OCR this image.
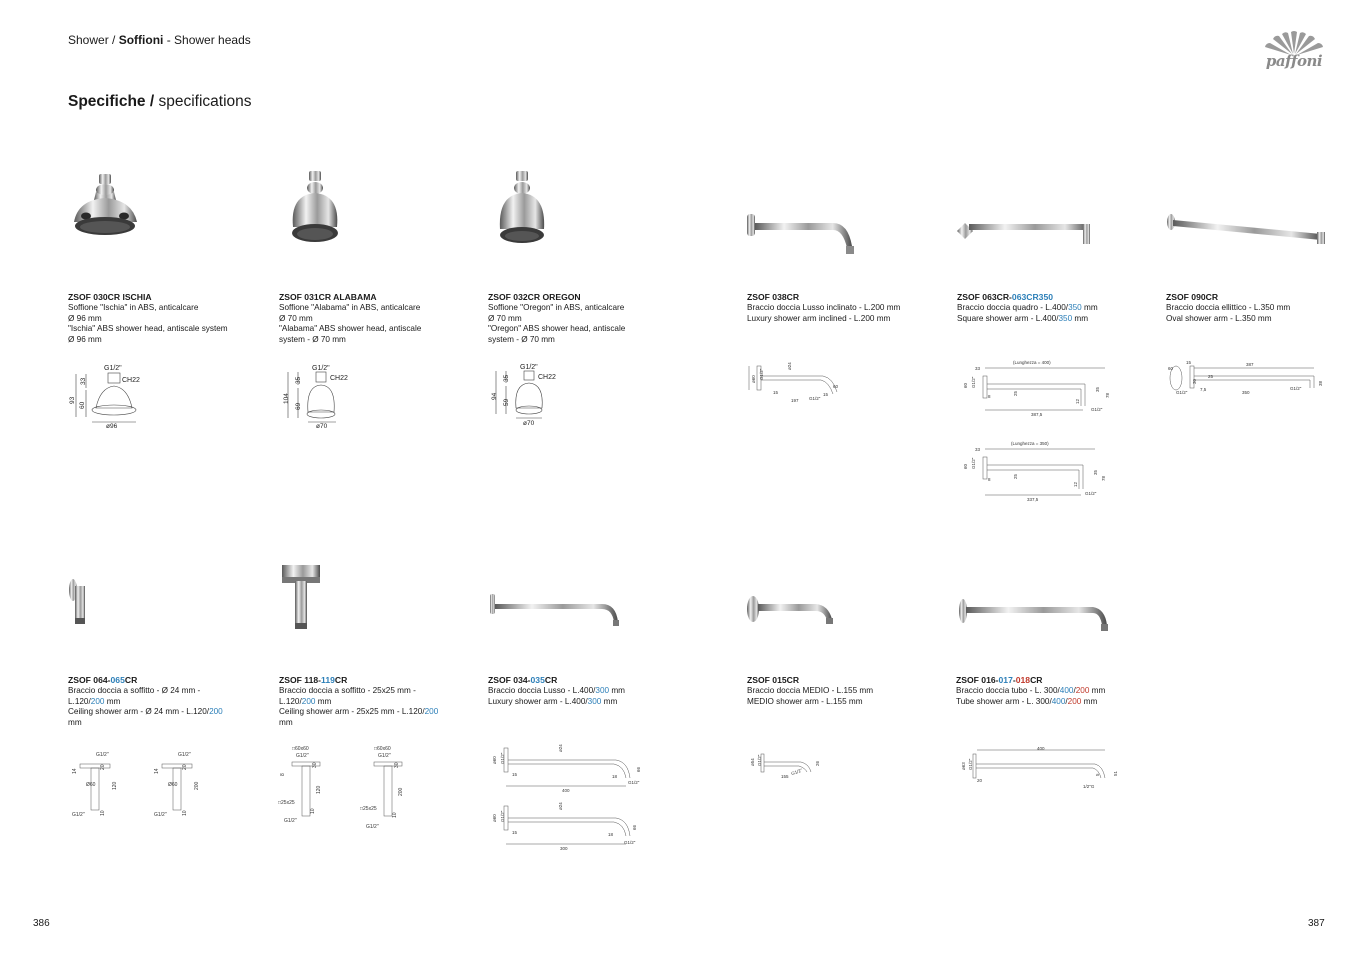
Shower / Soffioni - Shower heads
Specifiche / specifications
paffoni
386	387
ZSOF 030CR ISCHIA
Soffione "Ischia" in ABS, anticalcare
Ø 96 mm
"Ischia" ABS shower head, antiscale system
Ø 96 mm
ZSOF 031CR ALABAMA
Soffione "Alabama" in ABS, anticalcare
Ø 70 mm
"Alabama" ABS shower head, antiscale
system - Ø 70 mm
ZSOF 032CR OREGON
Soffione "Oregon" in ABS, anticalcare
Ø 70 mm
"Oregon" ABS shower head, antiscale
system - Ø 70 mm
ZSOF 038CR
Braccio doccia Lusso inclinato - L.200 mm
Luxury shower arm inclined - L.200 mm
ZSOF 063CR-063CR350
Braccio doccia quadro - L.400/350 mm
Square shower arm - L.400/350 mm
ZSOF 090CR
Braccio doccia ellittico - L.350 mm
Oval shower arm - L.350 mm
G1/2"
CH22
33
93
60
ø96
G1/2"
CH22
35
104
69
ø70
G1/2"
CH22
35
94
59
ø70
ø60 G1/2"
15
197 G1/2"
15
60
ø24	(Lunghezza = 400)
33
60 G1/2"
8
25
387,5
12
G1/2"
35
78
(Lunghezza = 350)
33
60 G1/2"
8
25
337,5
12
G1/2"
35
78
60
G1/2"
387
25
350
G1/2"
38
30
7,5
15
ZSOF 064-065CR
Braccio doccia a soffitto - Ø 24 mm -
L.120/200 mm
Ceiling shower arm - Ø 24 mm - L.120/200
mm
ZSOF 118-119CR
Braccio doccia a soffitto - 25x25 mm -
L.120/200 mm
Ceiling shower arm - 25x25 mm - L.120/200
mm
ZSOF 034-035CR
Braccio doccia Lusso - L.400/300 mm
Luxury shower arm - L.400/300 mm
ZSOF 015CR
Braccio doccia MEDIO - L.155 mm
MEDIO shower arm - L.155 mm
ZSOF 016-017-018CR
Braccio doccia tubo - L. 300/400/200 mm
Tube shower arm - L. 300/400/200 mm
G1/2"
14
20
Ø60	120
G1/2"	10
G1/2"
14
20
Ø60	200
G1/2"	10
□60x60
G1/2"
30
8
120
□25x25
10
G1/2"
□60x60
G1/2"
30
200
□25x25
10
G1/2"
ø60 G1/2"
ø24
15
400
18
66
G1/2"
ø60 G1/2"
ø24
15
300
18
66
G1/2"
ø54 G1/2"
155
G1/2"
26
400
ø63 G1/2"
20
5	51
1/2"G
